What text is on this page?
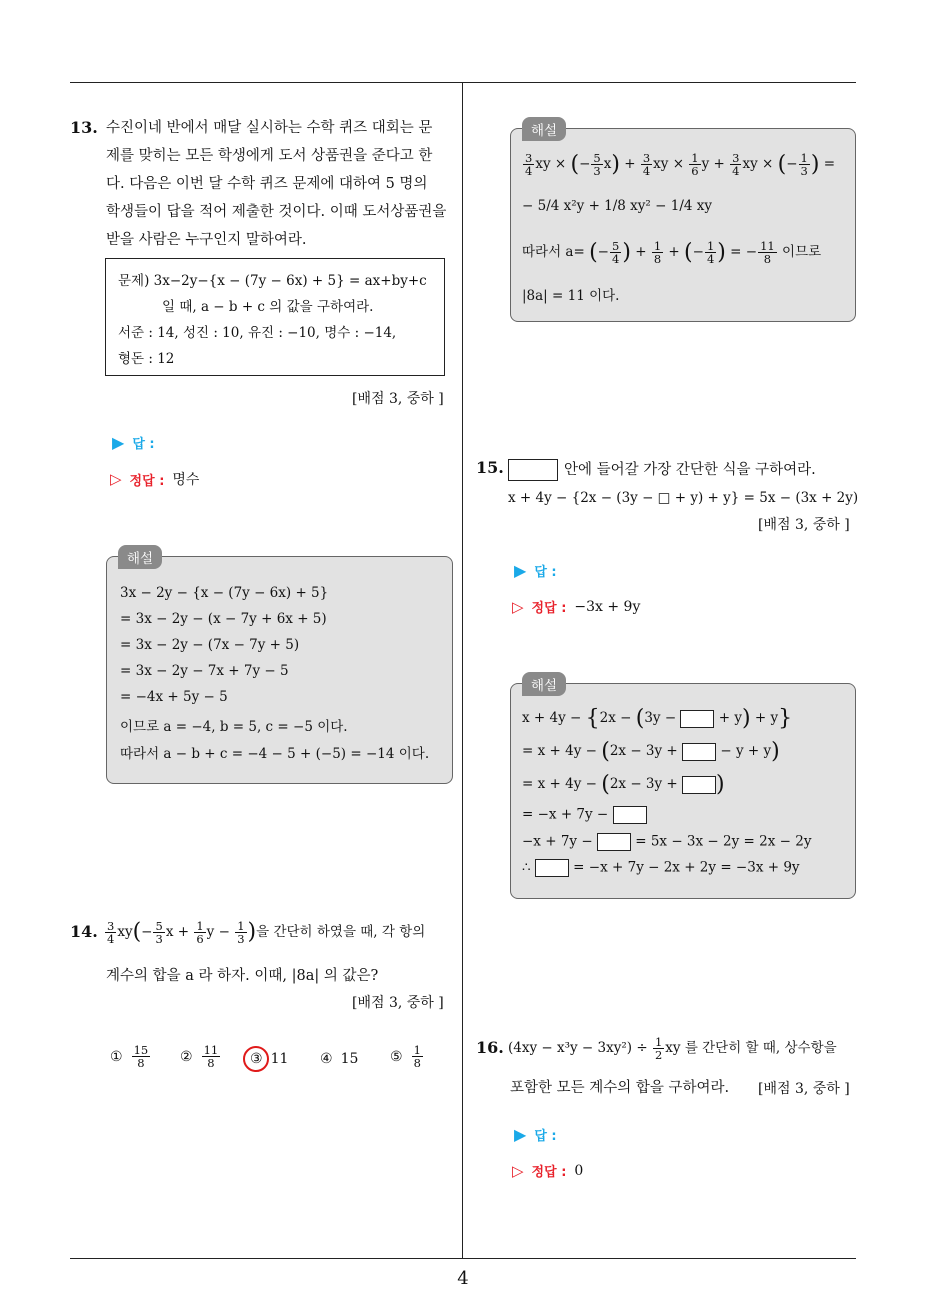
4
13. 수진이네 반에서 매달 실시하는 수학 퀴즈 대회는 문
제를 맞히는 모든 학생에게 도서 상품권을 준다고 한
다. 다음은 이번 달 수학 퀴즈 문제에 대하여 5 명의
학생들이 답을 적어 제출한 것이다. 이때 도서상품권을
받을 사람은 누구인지 말하여라.
문제) 3x−2y−{x − (7y − 6x) + 5} = ax+by+c
일 때, a − b + c 의 값을 구하여라.
서준 : 14, 성진 : 10, 유진 : −10, 명수 : −14,
형돈 : 12
[배점 3, 중하 ]
▶ 답 :
▷ 정답 : 명수
해설
3x − 2y − {x − (7y − 6x) + 5}
= 3x − 2y − (x − 7y + 6x + 5)
= 3x − 2y − (7x − 7y + 5)
= 3x − 2y − 7x + 7y − 5
= −4x + 5y − 5
이므로 a = −4, b = 5, c = −5 이다.
따라서 a − b + c = −4 − 5 + (−5) = −14 이다.
14. $\frac{3}{4} xy(- \frac{5}{3}$ $x + \frac{1}{6}$ $y - \frac{1}{3}$ )을 간단히 하였을 때, 각 항의
계수의 합을 a 라 하자. 이때, |8a| 의 값은?
[배점 3, 중하 ]
① $\frac{15}{8}$ ② $\frac{11}{8}$ ③ 11 ④ 15 ⑤ $\frac{1}{8}$
해설
$\frac{3}{4}$ xy × (− $\frac{5}{3} x) + \frac{3}{4}$ xy × $\frac{1}{6}$ $y + \frac{3}{4}$ xy × (− $\frac{1}{3}$ ) =
− 5/4 x²y + 1/8 xy² − 1/4 xy
따라서 a= (− $\frac{5}{4}$ ) + $\frac{1}{8}$ + (− $\frac{1}{4}$ ) = − $\frac{11}{8}$ 이므로
|8a| = 11 이다.
15.	안에 들어갈 가장 간단한 식을 구하여라.
x + 4y − {2x − (3y − □ + y) + y} = 5x − (3x + 2y)
[배점 3, 중하 ]
▶ 답 :
▷ 정답 : −3x + 9y
해설
x + 4y − {2x − (3y −	+ y) + y}
= x + 4y − (2x − 3y +	− y + y)
= x + 4y − (2x − 3y + )
= −x + 7y −
−x + 7y −	= 5x − 3x − 2y = 2x − 2y
∴	= −x + 7y − 2x + 2y = −3x + 9y
16. $(4xy - x^3y - 3xy^2) \div \frac{1}{2}$ xy 를 간단히 할 때, 상수항을
포함한 모든 계수의 합을 구하여라. [배점 3, 중하 ]
▶ 답 :
▷ 정답 : 0
